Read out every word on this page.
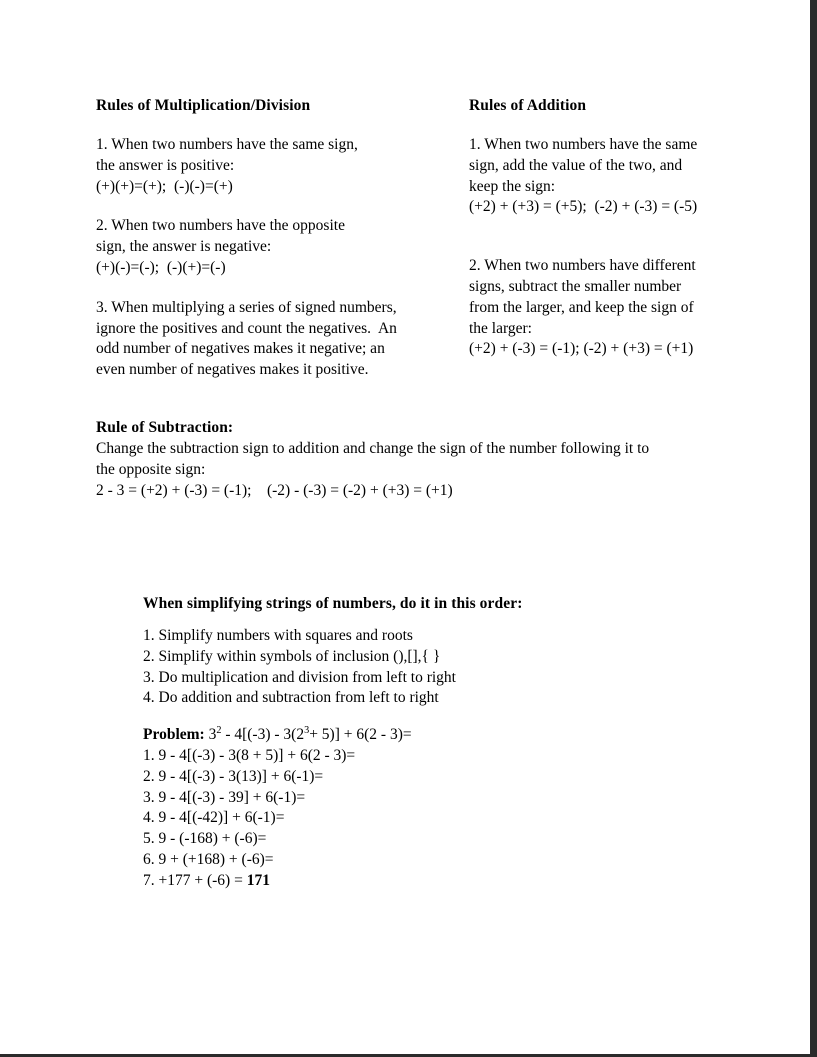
Rules of Multiplication/Division
1. When two numbers have the same sign,
the answer is positive:
(+)(+)=(+);  (-)(-)=(+)
2. When two numbers have the opposite
sign, the answer is negative:
(+)(-)=(-);  (-)(+)=(-)
3. When multiplying a series of signed numbers,
ignore the positives and count the negatives.  An
odd number of negatives makes it negative; an
even number of negatives makes it positive.
Rules of Addition
1. When two numbers have the same
sign, add the value of the two, and
keep the sign:
(+2) + (+3) = (+5);  (-2) + (-3) = (-5)
2. When two numbers have different
signs, subtract the smaller number
from the larger, and keep the sign of
the larger:
(+2) + (-3) = (-1); (-2) + (+3) = (+1)
Rule of Subtraction:
Change the subtraction sign to addition and change the sign of the number following it to
the opposite sign:
2 - 3 = (+2) + (-3) = (-1);    (-2) - (-3) = (-2) + (+3) = (+1)
When simplifying strings of numbers, do it in this order:
1. Simplify numbers with squares and roots
2. Simplify within symbols of inclusion (),[],{ }
3. Do multiplication and division from left to right
4. Do addition and subtraction from left to right
Problem: $3^2 - 4[(-3) - 3(2^3+ 5)] + 6(2 - 3)=$
1. 9 - 4[(-3) - 3(8 + 5)] + 6(2 - 3)=
2. 9 - 4[(-3) - 3(13)] + 6(-1)=
3. 9 - 4[(-3) - 39] + 6(-1)=
4. 9 - 4[(-42)] + 6(-1)=
5. 9 - (-168) + (-6)=
6. 9 + (+168) + (-6)=
7. +177 + (-6) = 171
